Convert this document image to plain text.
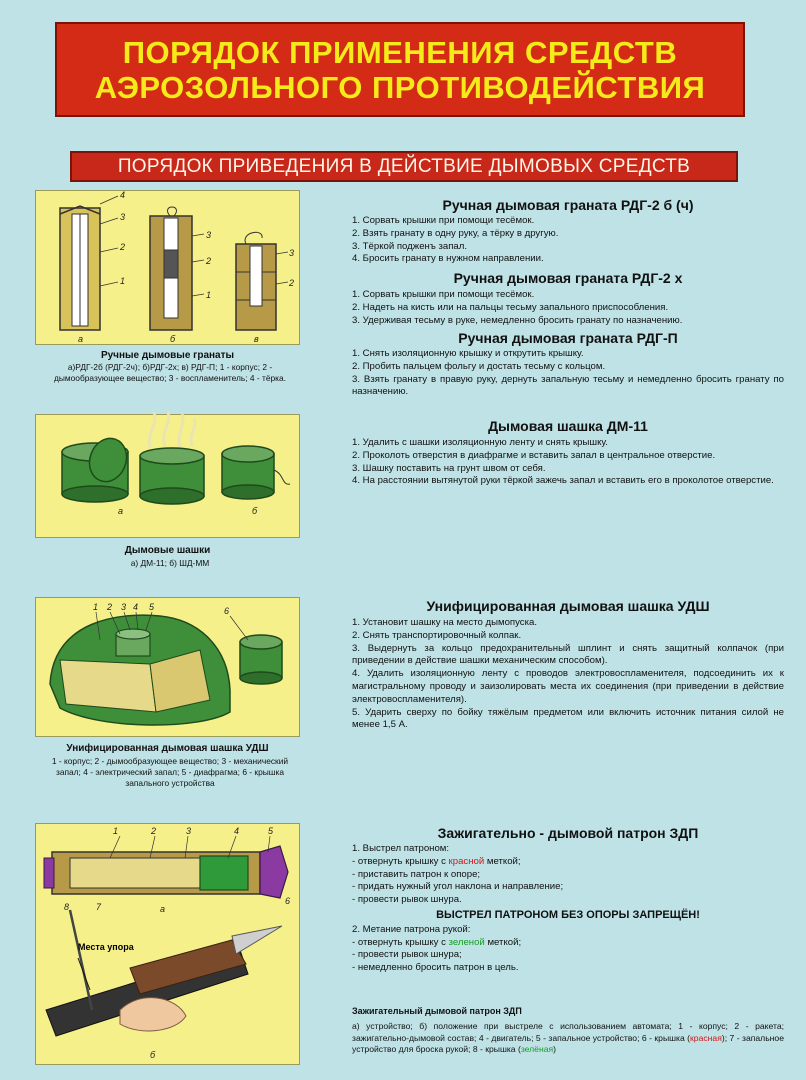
ПОРЯДОК ПРИМЕНЕНИЯ СРЕДСТВ
АЭРОЗОЛЬНОГО ПРОТИВОДЕЙСТВИЯ
ПОРЯДОК ПРИВЕДЕНИЯ В ДЕЙСТВИЕ ДЫМОВЫХ СРЕДСТВ
а
4
3
2
1
б
3
2
1
в
3
2
а	б
1 2 3 4 5	6
1	2	3	4	5
6
7
8	а
Места упора
б
Ручные дымовые гранаты
а)РДГ-2б (РДГ-2ч); б)РДГ-2х; в) РДГ-П; 1 - корпус; 2 - дымообразующее вещество; 3 - воспламенитель; 4 - тёрка.
Дымовые шашки
а) ДМ-11; б) ШД-ММ
Унифицированная дымовая шашка УДШ
1 - корпус; 2 - дымообразующее вещество; 3 - механический запал; 4 - электрический запал; 5 - диафрагма; 6 - крышка запального устройства
Ручная дымовая граната РДГ-2 б (ч)
1. Сорвать крышки при помощи тесёмок.
2. Взять гранату в одну руку, а тёрку в другую.
3. Тёркой подженъ запал.
4. Бросить гранату в нужном направлении.
Ручная дымовая граната РДГ-2 х
1. Сорвать крышки при помощи тесёмок.
2. Надеть на кисть или на пальцы тесьму запального приспособления.
3. Удерживая тесьму в руке, немедленно бросить гранату по назначению.
Ручная дымовая граната РДГ-П
1. Снять изоляционную крышку и открутить крышку.
2. Пробить пальцем фольгу и достать тесьму с кольцом.
3. Взять гранату в правую руку, дернуть запальную тесьму и немедленно бросить гранату по назначению.
Дымовая шашка ДМ-11
1. Удалить с шашки изоляционную ленту и снять крышку.
2. Проколоть отверстия в диафрагме и вставить запал в центральное отверстие.
3. Шашку поставить на грунт швом от себя.
4. На расстоянии вытянутой руки тёркой зажечь запал и вставить его в проколотое отверстие.
Унифицированная дымовая шашка УДШ
1. Установит шашку на место дымопуска.
2. Снять транспортировочный колпак.
3. Выдернуть за кольцо предохранительный шплинт и снять защитный колпачок (при приведении в действие шашки механическим способом).
4. Удалить изоляционную ленту с проводов электровоспламенителя, подсоединить их к магистральному проводу и заизолировать места их соединения (при приведении в действие электровоспламенителя).
5. Ударить сверху по бойку тяжёлым предметом или включить источник питания силой не менее 1,5 А.
Зажигательно - дымовой патрон ЗДП
1. Выстрел патроном:
- отвернуть крышку с красной меткой;
- приставить патрон к опоре;
- придать нужный угол наклона и направление;
- провести рывок шнура.
ВЫСТРЕЛ ПАТРОНОМ БЕЗ ОПОРЫ ЗАПРЕЩЁН!
2. Метание патрона рукой:
- отвернуть крышку с зеленой меткой;
- провести рывок шнура;
- немедленно бросить патрон в цель.
Зажигательный дымовой патрон ЗДП
а) устройство; б) положение при выстреле с использованием автомата; 1 - корпус; 2 - ракета; зажигательно-дымовой состав; 4 - двигатель; 5 - запальное устройство; 6 - крышка (красная); 7 - запальное устройство для броска рукой; 8 - крышка (зелёная)
